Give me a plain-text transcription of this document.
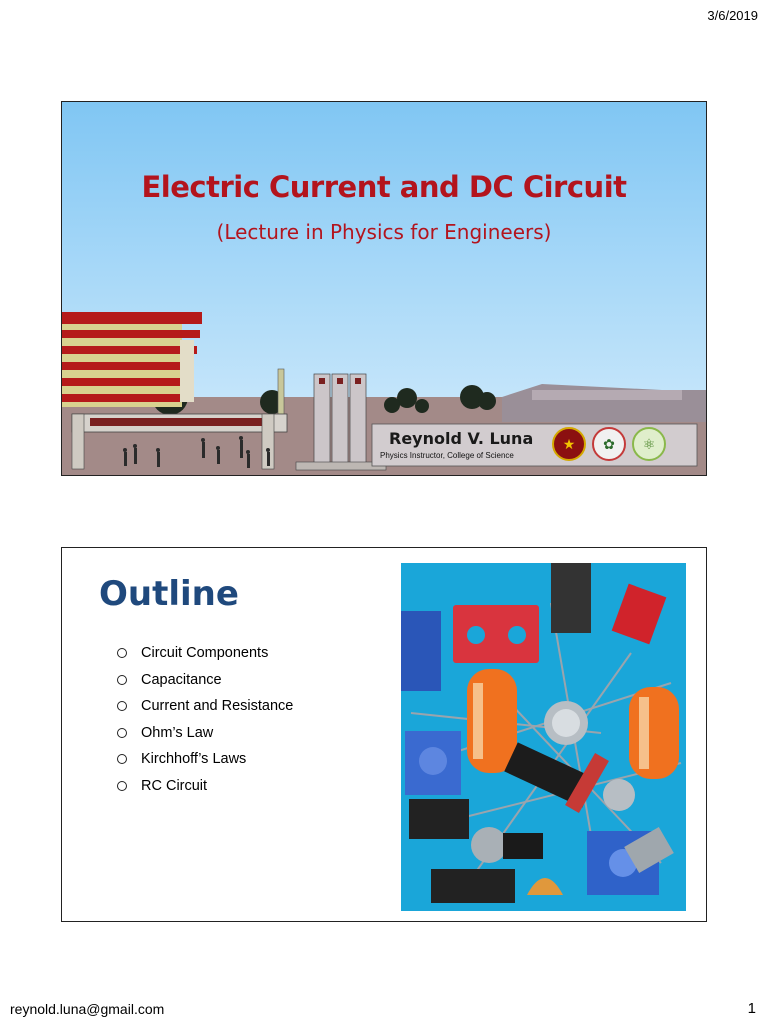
3/6/2019
Electric Current and DC Circuit
(Lecture in Physics for Engineers)
Reynold V. Luna
Physics Instructor, College of Science
★	✿	⚛
Outline
Circuit Components
Capacitance
Current and Resistance
Ohm’s Law
Kirchhoff’s Laws
RC Circuit
reynold.luna@gmail.com	1
